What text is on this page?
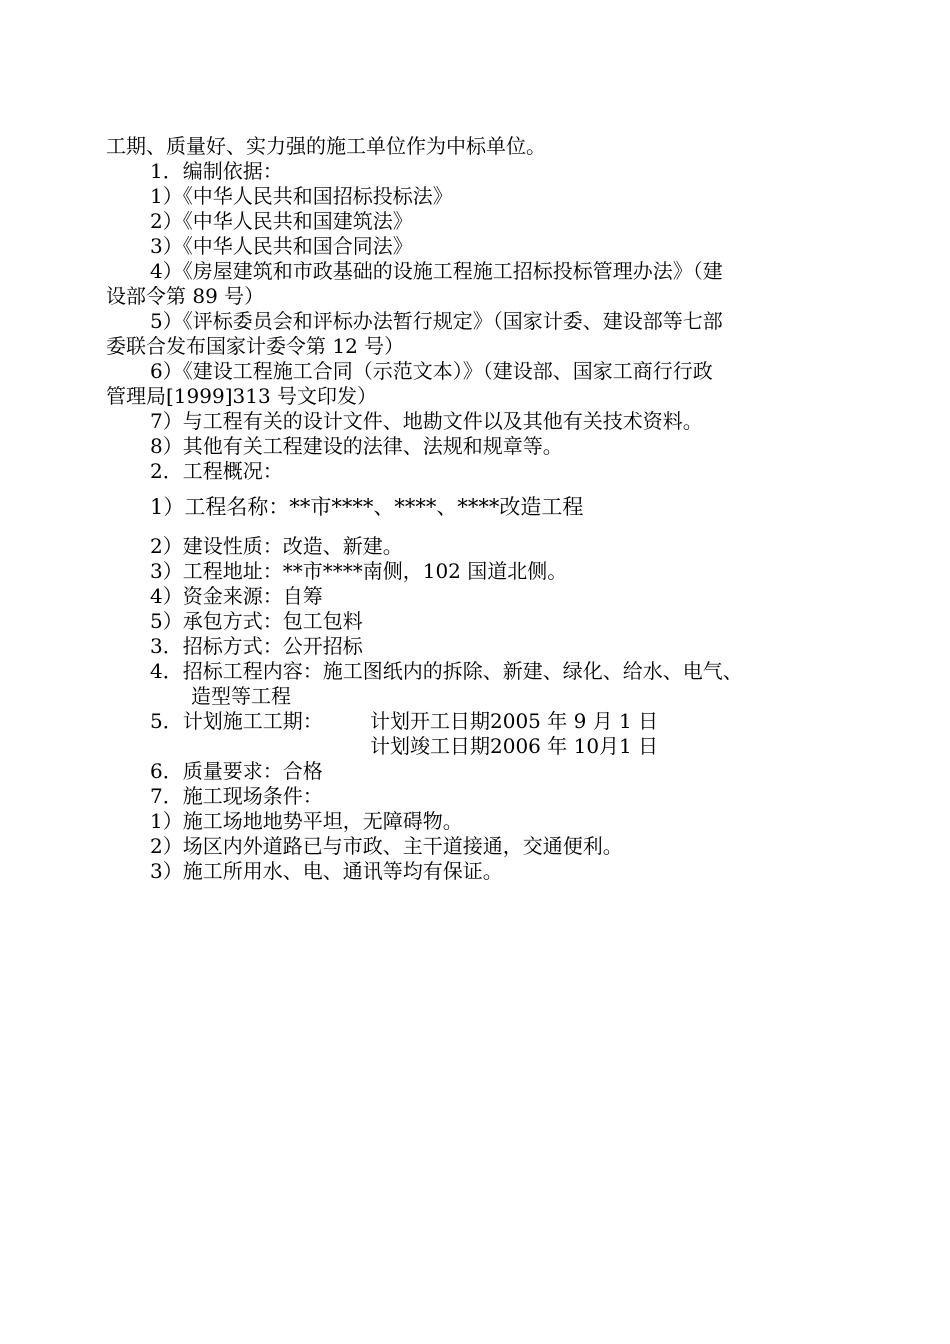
工期、质量好、实力强的施工单位作为中标单位。
1．编制依据：
1）《中华人民共和国招标投标法》
2）《中华人民共和国建筑法》
3）《中华人民共和国合同法》
4）《房屋建筑和市政基础的设施工程施工招标投标管理办法》（建
设部令第 89 号）
5）《评标委员会和评标办法暂行规定》（国家计委、建设部等七部
委联合发布国家计委令第 12 号）
6）《建设工程施工合同（示范文本）》（建设部、国家工商行行政
管理局[1999]313 号文印发）
7）与工程有关的设计文件、地勘文件以及其他有关技术资料。
8）其他有关工程建设的法律、法规和规章等。
2．工程概况：
1）工程名称：**市****、****、****改造工程
2）建设性质：改造、新建。
3）工程地址：**市****南侧，102 国道北侧。
4）资金来源：自筹
5）承包方式：包工包料
3．招标方式：公开招标
4．招标工程内容：施工图纸内的拆除、新建、绿化、给水、电气、
造型等工程
5．计划施工工期： 计划开工日期2005 年 9 月 1 日
计划竣工日期2006 年 10月1 日
6．质量要求：合格
7．施工现场条件：
1）施工场地地势平坦，无障碍物。
2）场区内外道路已与市政、主干道接通，交通便利。
3）施工所用水、电、通讯等均有保证。
